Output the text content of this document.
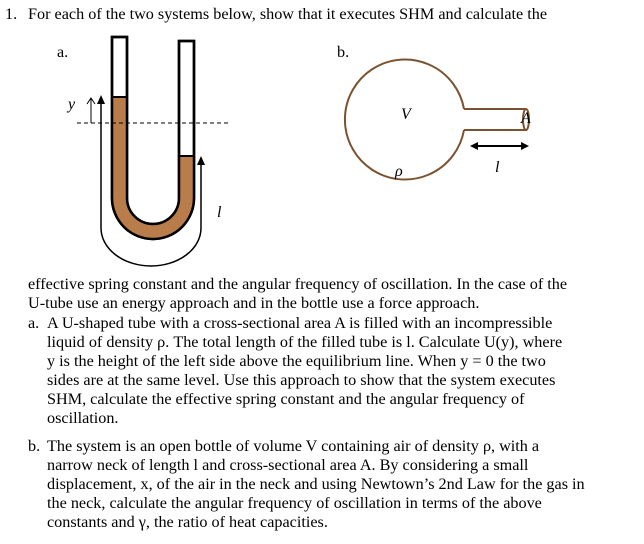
1. For each of the two systems below, show that it executes SHM and calculate the
a.
y
l
b.
V
ρ
A
l
effective spring constant and the angular frequency of oscillation. In the case of the
U-tube use an energy approach and in the bottle use a force approach.
a. A U-shaped tube with a cross-sectional area A is filled with an incompressible
liquid of density ρ. The total length of the filled tube is l. Calculate U(y), where
y is the height of the left side above the equilibrium line. When y = 0 the two
sides are at the same level. Use this approach to show that the system executes
SHM, calculate the effective spring constant and the angular frequency of
oscillation.
b. The system is an open bottle of volume V containing air of density ρ, with a
narrow neck of length l and cross-sectional area A. By considering a small
displacement, x, of the air in the neck and using Newtown’s 2nd Law for the gas in
the neck, calculate the angular frequency of oscillation in terms of the above
constants and γ, the ratio of heat capacities.
